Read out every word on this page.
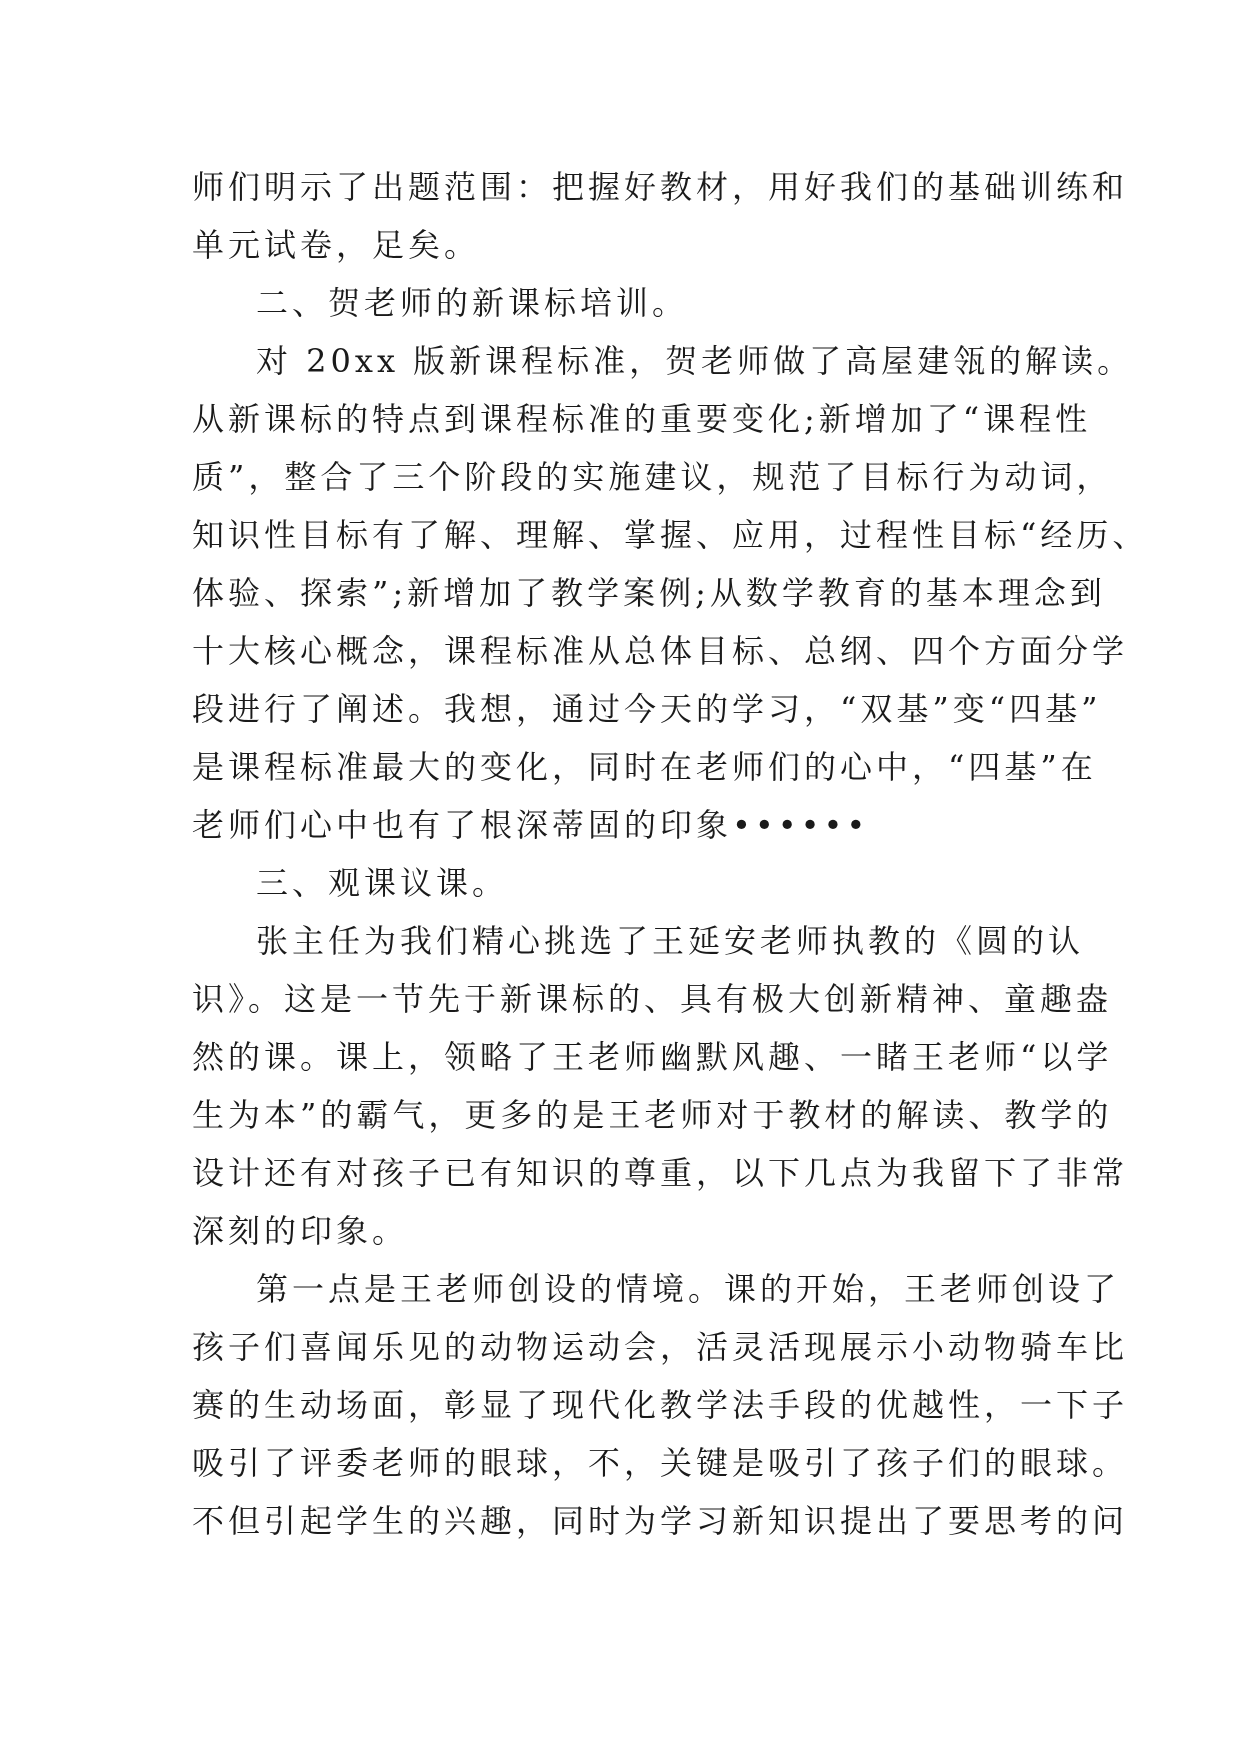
师们明示了出题范围：把握好教材，用好我们的基础训练和
单元试卷，足矣。
二、贺老师的新课标培训。
对 20xx 版新课程标准，贺老师做了高屋建瓴的解读。
从新课标的特点到课程标准的重要变化;新增加了“课程性
质”，整合了三个阶段的实施建议，规范了目标行为动词，
知识性目标有了解、理解、掌握、应用，过程性目标“经历、
体验、探索”;新增加了教学案例;从数学教育的基本理念到
十大核心概念，课程标准从总体目标、总纲、四个方面分学
段进行了阐述。我想，通过今天的学习，“双基”变“四基”
是课程标准最大的变化，同时在老师们的心中，“四基”在
老师们心中也有了根深蒂固的印象••••••
三、观课议课。
张主任为我们精心挑选了王延安老师执教的《圆的认
识》。这是一节先于新课标的、具有极大创新精神、童趣盎
然的课。课上，领略了王老师幽默风趣、一睹王老师“以学
生为本”的霸气，更多的是王老师对于教材的解读、教学的
设计还有对孩子已有知识的尊重，以下几点为我留下了非常
深刻的印象。
第一点是王老师创设的情境。课的开始，王老师创设了
孩子们喜闻乐见的动物运动会，活灵活现展示小动物骑车比
赛的生动场面，彰显了现代化教学法手段的优越性，一下子
吸引了评委老师的眼球，不，关键是吸引了孩子们的眼球。
不但引起学生的兴趣，同时为学习新知识提出了要思考的问
